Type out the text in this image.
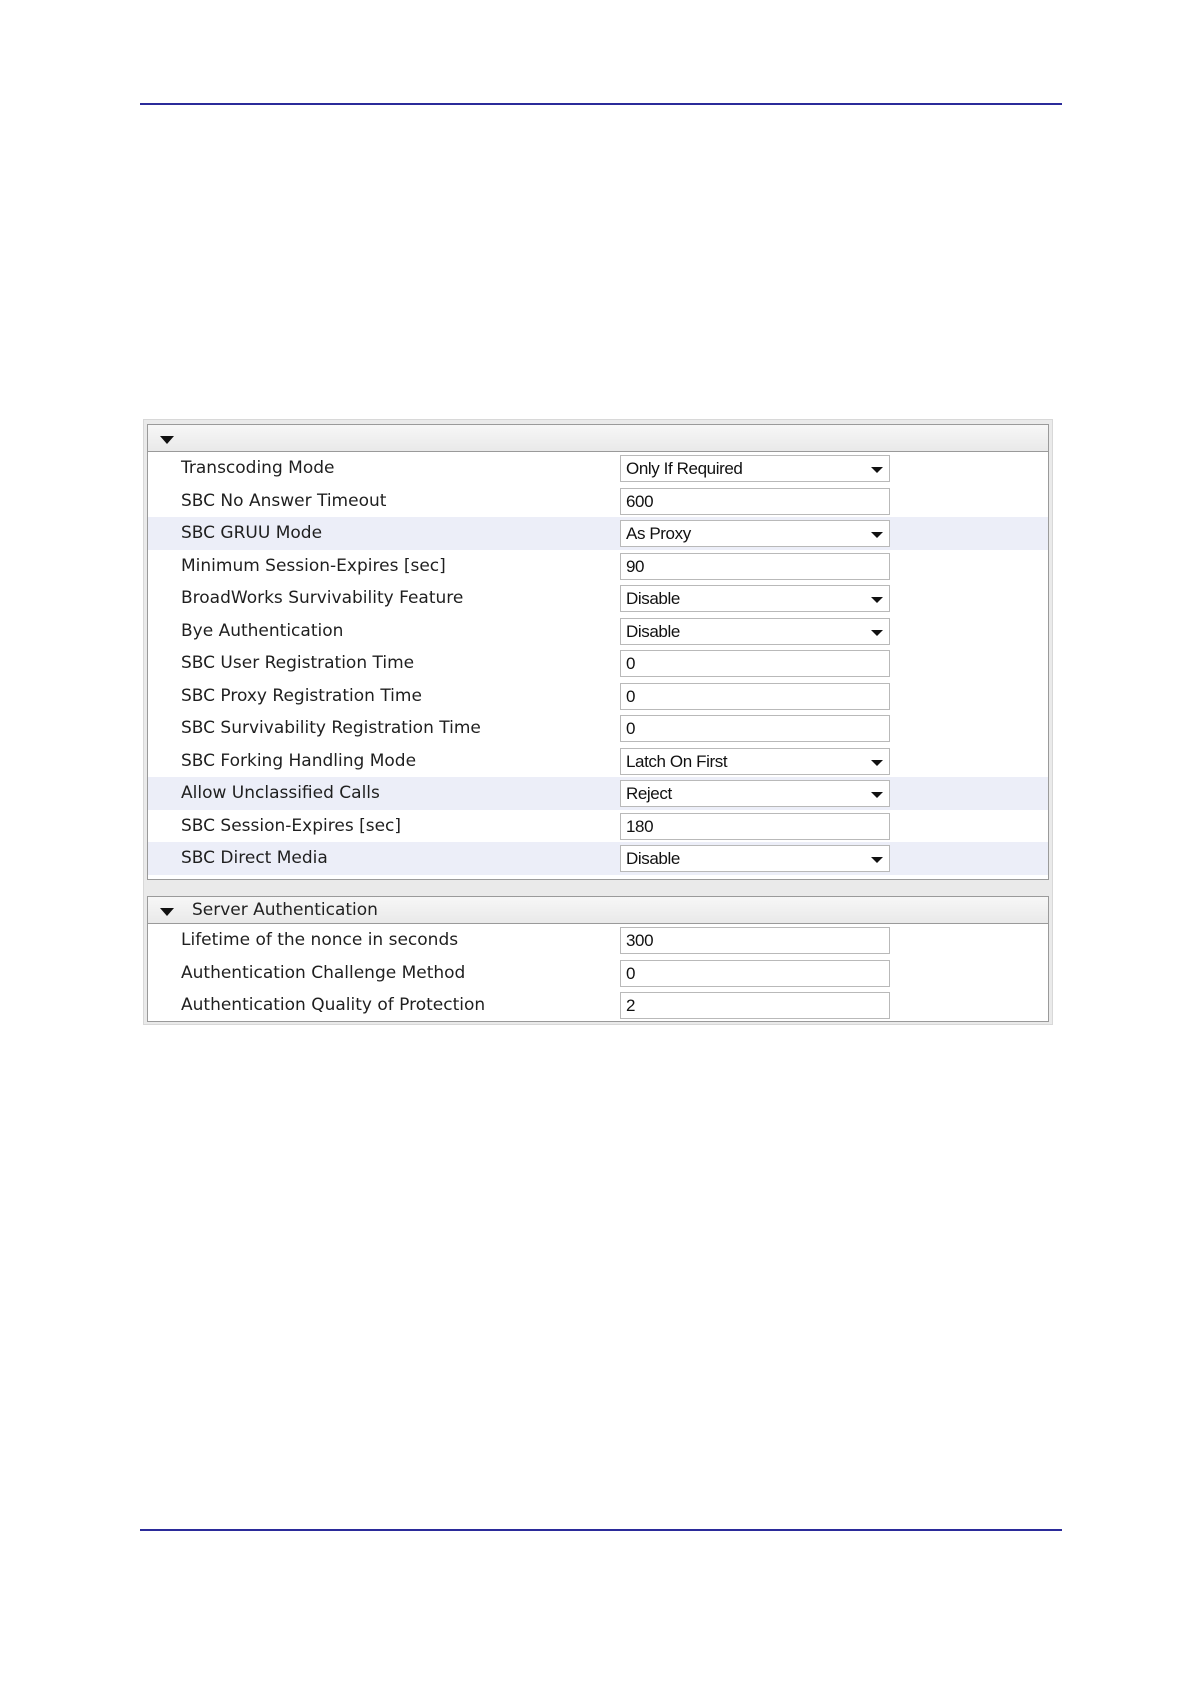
Transcoding Mode	Only If Required
SBC No Answer Timeout	600
SBC GRUU Mode	As Proxy
Minimum Session-Expires [sec]	90
BroadWorks Survivability Feature	Disable
Bye Authentication	Disable
SBC User Registration Time	0
SBC Proxy Registration Time	0
SBC Survivability Registration Time	0
SBC Forking Handling Mode	Latch On First
Allow Unclassified Calls	Reject
SBC Session-Expires [sec]	180
SBC Direct Media	Disable
Server Authentication
Lifetime of the nonce in seconds	300
Authentication Challenge Method	0
Authentication Quality of Protection	2
